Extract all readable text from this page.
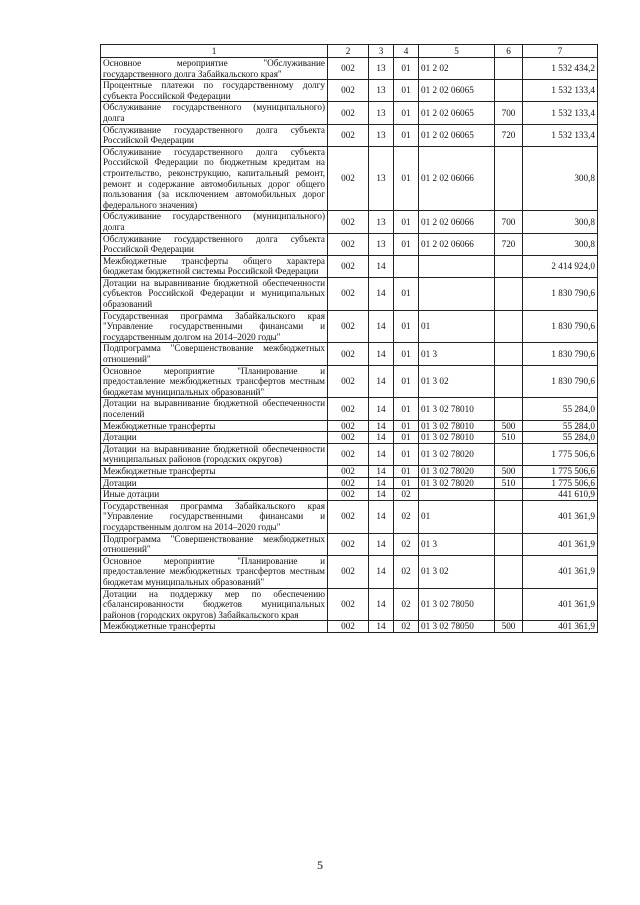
1	2	3	4	5	6	7
Основное мероприятие "Обслуживание государственного долга Забайкальского края"	002	13	01	01 2 02		1 532 434,2
Процентные платежи по государственному долгу субъекта Российской Федерации	002	13	01	01 2 02 06065		1 532 133,4
Обслуживание государственного (муниципального) долга	002	13	01	01 2 02 06065	700	1 532 133,4
Обслуживание государственного долга субъекта Российской Федерации	002	13	01	01 2 02 06065	720	1 532 133,4
Обслуживание государственного долга субъекта Российской Федерации по бюджетным кредитам на строительство, реконструкцию, капитальный ремонт, ремонт и содержание автомобильных дорог общего пользования (за исключением автомобильных дорог федерального значения)	002	13	01	01 2 02 06066		300,8
Обслуживание государственного (муниципального) долга	002	13	01	01 2 02 06066	700	300,8
Обслуживание государственного долга субъекта Российской Федерации	002	13	01	01 2 02 06066	720	300,8
Межбюджетные трансферты общего характера бюджетам бюджетной системы Российской Федерации	002	14				2 414 924,0
Дотации на выравнивание бюджетной обеспеченности субъектов Российской Федерации и муниципальных образований	002	14	01			1 830 790,6
Государственная программа Забайкальского края "Управление государственными финансами и государственным долгом на 2014–2020 годы"	002	14	01	01		1 830 790,6
Подпрограмма "Совершенствование межбюджетных отношений"	002	14	01	01 3		1 830 790,6
Основное мероприятие "Планирование и предоставление межбюджетных трансфертов местным бюджетам муниципальных образований"	002	14	01	01 3 02		1 830 790,6
Дотации на выравнивание бюджетной обеспеченности поселений	002	14	01	01 3 02 78010		55 284,0
Межбюджетные трансферты	002	14	01	01 3 02 78010	500	55 284,0
Дотации	002	14	01	01 3 02 78010	510	55 284,0
Дотации на выравнивание бюджетной обеспеченности муниципальных районов (городских округов)	002	14	01	01 3 02 78020		1 775 506,6
Межбюджетные трансферты	002	14	01	01 3 02 78020	500	1 775 506,6
Дотации	002	14	01	01 3 02 78020	510	1 775 506,6
Иные дотации	002	14	02			441 610,9
Государственная программа Забайкальского края "Управление государственными финансами и государственным долгом на 2014–2020 годы"	002	14	02	01		401 361,9
Подпрограмма "Совершенствование межбюджетных отношений"	002	14	02	01 3		401 361,9
Основное мероприятие "Планирование и предоставление межбюджетных трансфертов местным бюджетам муниципальных образований"	002	14	02	01 3 02		401 361,9
Дотации на поддержку мер по обеспечению сбалансированности бюджетов муниципальных районов (городских округов) Забайкальского края	002	14	02	01 3 02 78050		401 361,9
Межбюджетные трансферты	002	14	02	01 3 02 78050	500	401 361,9
5
